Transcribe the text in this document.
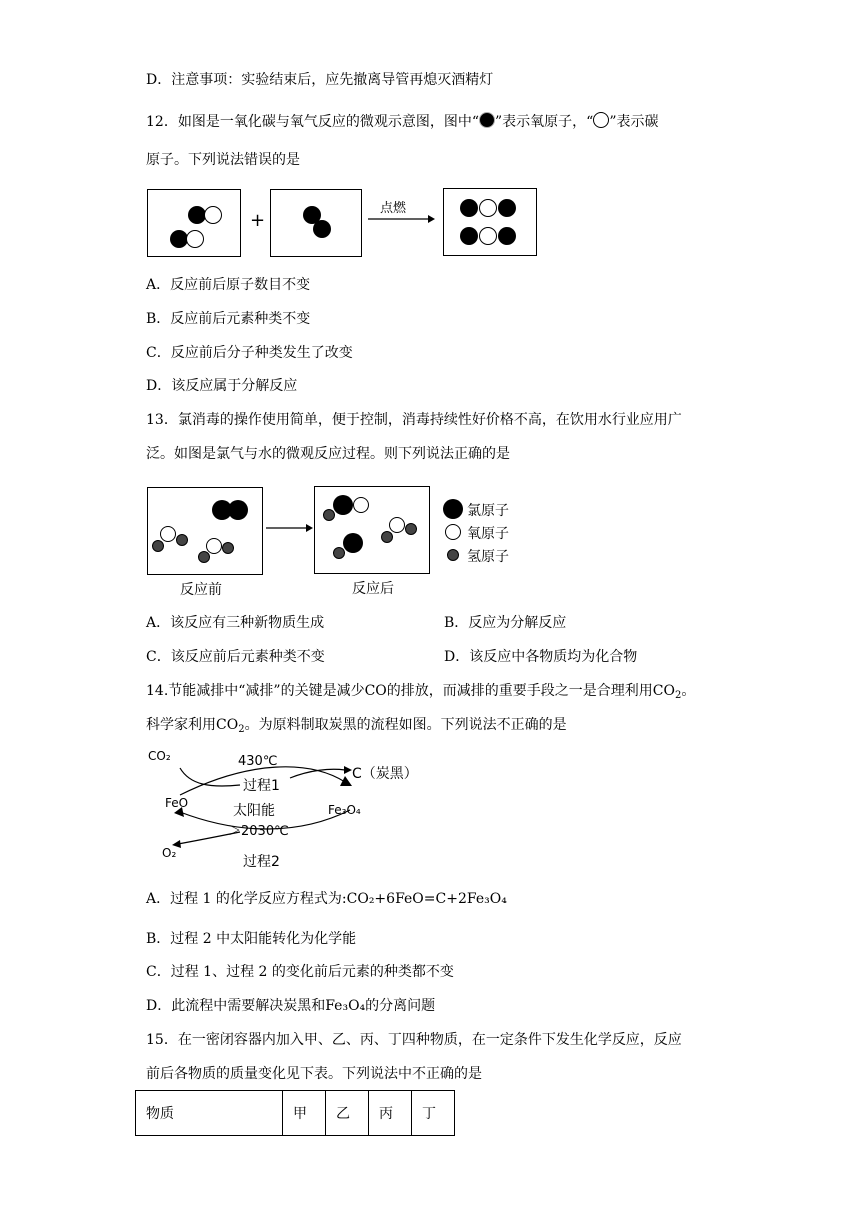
D．注意事项：实验结束后，应先撤离导管再熄灭酒精灯
12．如图是一氧化碳与氧气反应的微观示意图，图中“ ”表示氧原子，“ ”表示碳
原子。下列说法错误的是
+
点燃
A．反应前后原子数目不变
B．反应前后元素种类不变
C．反应前后分子种类发生了改变
D．该反应属于分解反应
13．氯消毒的操作使用简单，便于控制，消毒持续性好价格不高，在饮用水行业应用广
泛。如图是氯气与水的微观反应过程。则下列说法正确的是
反应前	反应后
氯原子
氧原子
氢原子
A．该反应有三种新物质生成	B．反应为分解反应
C．该反应前后元素种类不变	D．该反应中各物质均为化合物
14.节能减排中“减排”的关键是减少CO的排放，而减排的重要手段之一是合理利用$CO_2$。
科学家利用$CO_2$。为原料制取炭黑的流程如图。下列说法不正确的是
CO₂	430℃
过程1
C（炭黑）
FeO	太阳能	Fe₃O₄
＞2030℃
O₂
过程2
A．过程 1 的化学反应方程式为:CO₂+6FeO=C+2Fe₃O₄
B．过程 2 中太阳能转化为化学能
C．过程 1、过程 2 的变化前后元素的种类都不变
D．此流程中需要解决炭黑和Fe₃O₄的分离问题
15．在一密闭容器内加入甲、乙、丙、丁四种物质，在一定条件下发生化学反应，反应
前后各物质的质量变化见下表。下列说法中不正确的是
物质	甲	乙	丙	丁
